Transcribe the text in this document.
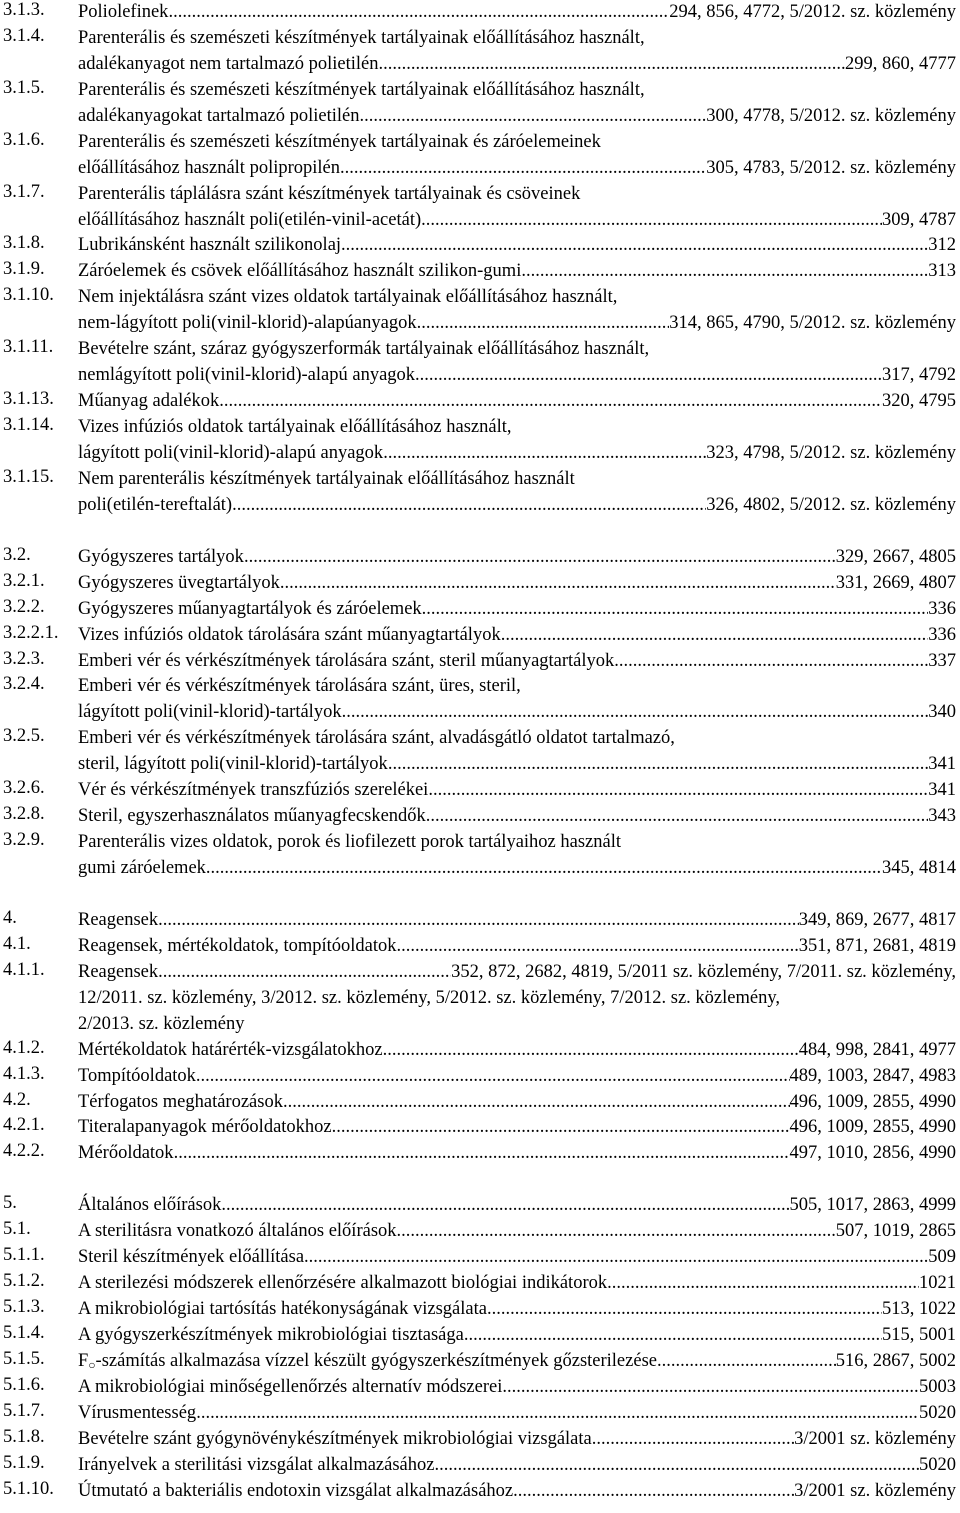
3.1.3. Poliolefinek .....	294, 856, 4772, 5/2012. sz. közlemény
3.1.4. Parenterális és szemészeti készítmények tartályainak előállításához használt,
adalékanyagot nem tartalmazó polietilén .....	299, 860, 4777
3.1.5. Parenterális és szemészeti készítmények tartályainak előállításához használt,
adalékanyagokat tartalmazó polietilén .....	300, 4778, 5/2012. sz. közlemény
3.1.6. Parenterális és szemészeti készítmények tartályainak és záróelemeinek
előállításához használt polipropilén .....	305, 4783, 5/2012. sz. közlemény
3.1.7. Parenterális táplálásra szánt készítmények tartályainak és csöveinek
előállításához használt poli(etilén-vinil-acetát) .....	309, 4787
3.1.8. Lubrikánsként használt szilikonolaj .....	312
3.1.9. Záróelemek és csövek előállításához használt szilikon-gumi .....	313
3.1.10. Nem injektálásra szánt vizes oldatok tartályainak előállításához használt,
nem-lágyított poli(vinil-klorid)-alapúanyagok .....	314, 865, 4790, 5/2012. sz. közlemény
3.1.11. Bevételre szánt, száraz gyógyszerformák tartályainak előállításához használt,
nemlágyított poli(vinil-klorid)-alapú anyagok .....	317, 4792
3.1.13. Műanyag adalékok .....	320, 4795
3.1.14. Vizes infúziós oldatok tartályainak előállításához használt,
lágyított poli(vinil-klorid)-alapú anyagok .....	323, 4798, 5/2012. sz. közlemény
3.1.15. Nem parenterális készítmények tartályainak előállításához használt
poli(etilén-tereftalát) .....	326, 4802, 5/2012. sz. közlemény
3.2.	Gyógyszeres tartályok .....	329, 2667, 4805
3.2.1. Gyógyszeres üvegtartályok .....	331, 2669, 4807
3.2.2. Gyógyszeres műanyagtartályok és záróelemek .....	336
3.2.2.1. Vizes infúziós oldatok tárolására szánt műanyagtartályok .....	336
3.2.3. Emberi vér és vérkészítmények tárolására szánt, steril műanyagtartályok .....	337
3.2.4. Emberi vér és vérkészítmények tárolására szánt, üres, steril,
lágyított poli(vinil-klorid)-tartályok .....	340
3.2.5. Emberi vér és vérkészítmények tárolására szánt, alvadásgátló oldatot tartalmazó,
steril, lágyított poli(vinil-klorid)-tartályok .....	341
3.2.6. Vér és vérkészítmények transzfúziós szerelékei .....	341
3.2.8. Steril, egyszerhasználatos műanyagfecskendők .....	343
3.2.9. Parenterális vizes oldatok, porok és liofilezett porok tartályaihoz használt
gumi záróelemek .....	345, 4814
4.	Reagensek .....	349, 869, 2677, 4817
4.1.	Reagensek, mértékoldatok, tompítóoldatok .....	351, 871, 2681, 4819
4.1.1. Reagensek .....	352, 872, 2682, 4819, 5/2011 sz. közlemény, 7/2011. sz. közlemény,
12/2011. sz. közlemény, 3/2012. sz. közlemény, 5/2012. sz. közlemény, 7/2012. sz. közlemény,
2/2013. sz. közlemény
4.1.2. Mértékoldatok határérték-vizsgálatokhoz .....	484, 998, 2841, 4977
4.1.3. Tompítóoldatok .....	489, 1003, 2847, 4983
4.2.	Térfogatos meghatározások .....	496, 1009, 2855, 4990
4.2.1. Titeralapanyagok mérőoldatokhoz .....	496, 1009, 2855, 4990
4.2.2. Mérőoldatok .....	497, 1010, 2856, 4990
5.	Általános előírások .....	505, 1017, 2863, 4999
5.1.	A sterilitásra vonatkozó általános előírások .....	507, 1019, 2865
5.1.1. Steril készítmények előállítása .....	509
5.1.2. A sterilezési módszerek ellenőrzésére alkalmazott biológiai indikátorok .....	1021
5.1.3. A mikrobiológiai tartósítás hatékonyságának vizsgálata .....	513, 1022
5.1.4. A gyógyszerkészítmények mikrobiológiai tisztasága .....	515, 5001
5.1.5. $F_○$-számítás alkalmazása vízzel készült gyógyszerkészítmények gőzsterilezése .....	516, 2867, 5002
5.1.6. A mikrobiológiai minőségellenőrzés alternatív módszerei .....	5003
5.1.7. Vírusmentesség .....	5020
5.1.8. Bevételre szánt gyógynövénykészítmények mikrobiológiai vizsgálata .....	3/2001 sz. közlemény
5.1.9. Irányelvek a sterilitási vizsgálat alkalmazásához .....	5020
5.1.10. Útmutató a bakteriális endotoxin vizsgálat alkalmazásához .....	3/2001 sz. közlemény
